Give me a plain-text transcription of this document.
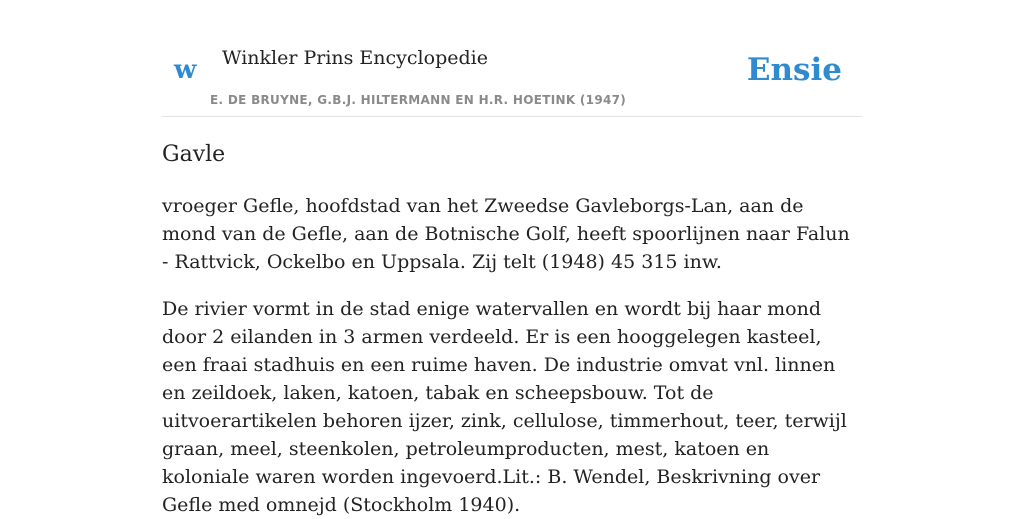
w Winkler Prins Encyclopedie	Ensie
E. DE BRUYNE, G.B.J. HILTERMANN EN H.R. HOETINK (1947)
Gavle

vroeger Gefle, hoofdstad van het Zweedse Gavleborgs-Lan, aan de mond van de Gefle, aan de Botnische Golf, heeft spoorlijnen naar Falun - Rattvick, Ockelbo en Uppsala. Zij telt (1948) 45 315 inw.

De rivier vormt in de stad enige watervallen en wordt bij haar mond door 2 eilanden in 3 armen verdeeld. Er is een hooggelegen kasteel, een fraai stadhuis en een ruime haven. De industrie omvat vnl. linnen en zeildoek, laken, katoen, tabak en scheepsbouw. Tot de uitvoerartikelen behoren ijzer, zink, cellulose, timmerhout, teer, terwijl graan, meel, steenkolen, petroleumproducten, mest, katoen en koloniale waren worden ingevoerd.Lit.: B. Wendel, Beskrivning over Gefle med omnejd (Stockholm 1940).
